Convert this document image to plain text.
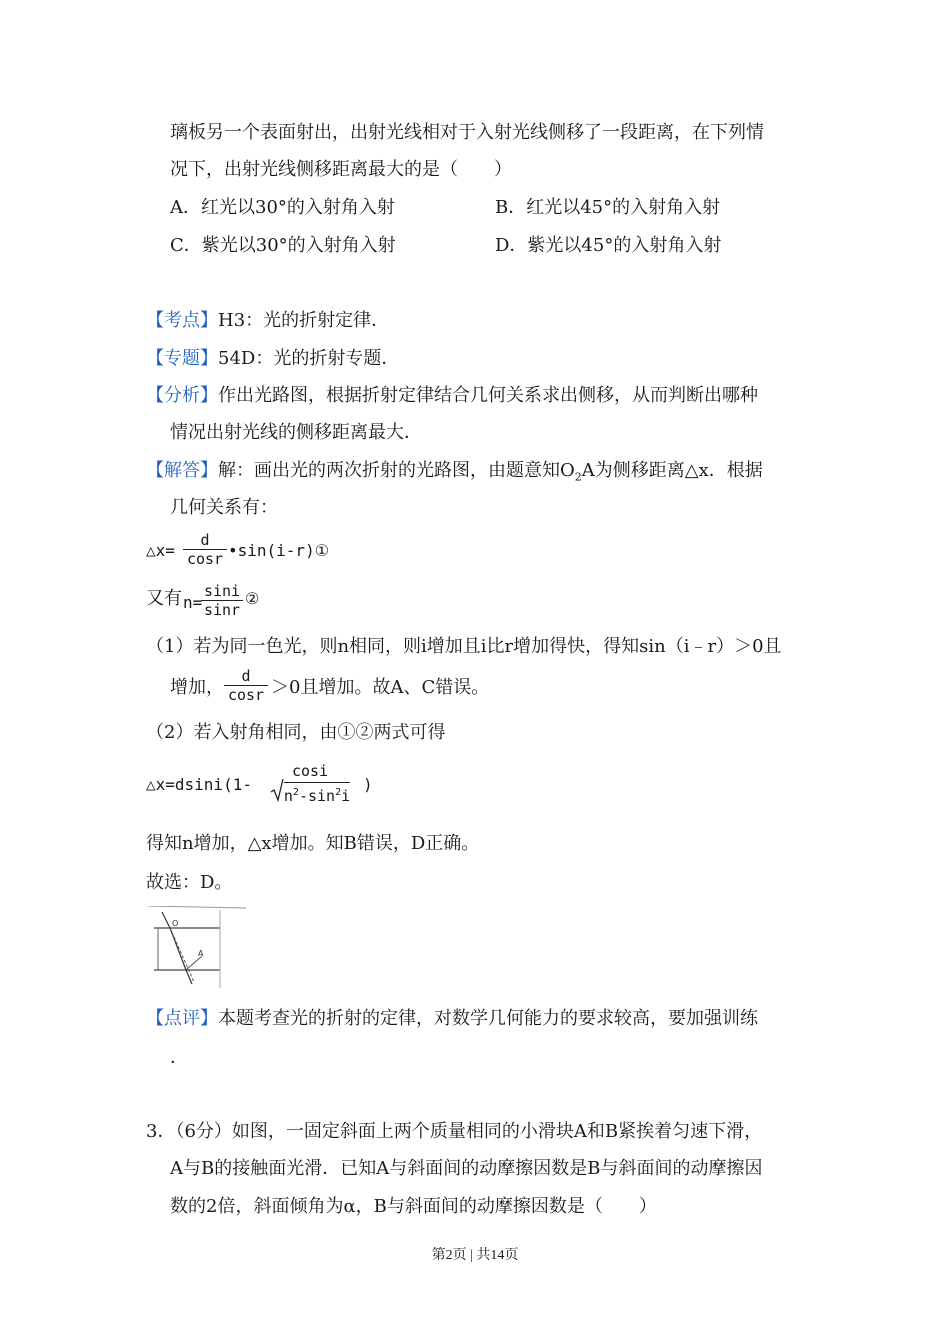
璃板另一个表面射出，出射光线相对于入射光线侧移了一段距离，在下列情
况下，出射光线侧移距离最大的是（　　）
A．红光以30°的入射角入射	B．红光以45°的入射角入射
C．紫光以30°的入射角入射	D．紫光以45°的入射角入射
【考点】H3：光的折射定律．
【专题】54D：光的折射专题．
【分析】作出光路图，根据折射定律结合几何关系求出侧移，从而判断出哪种
情况出射光线的侧移距离最大．
【解答】解：画出光的两次折射的光路图，由题意知$O_2A$为侧移距离△x．根据
几何关系有：
△x= $\frac{d}{\cos r}$ •sin(i-r)①
又有 n=
$\frac{\sin i}{\sin r}$ ②
（1）若为同一色光，则n相同，则i增加且i比r增加得快，得知sin（i﹣r）＞0且
增加， $\frac{d}{\cos r} >0$且增加。故A、C错误。
（2）若入射角相同，由①②两式可得
△x=dsini(1-
cosi
$n^2-\sin^2i$
)
得知n增加，△x增加。知B错误，D正确。
故选：D。
O
A
【点评】本题考查光的折射的定律，对数学几何能力的要求较高，要加强训练
．
3．（6分）如图，一固定斜面上两个质量相同的小滑块A和B紧挨着匀速下滑，
A与B的接触面光滑．已知A与斜面间的动摩擦因数是B与斜面间的动摩擦因
数的2倍，斜面倾角为α，B与斜面间的动摩擦因数是（　　）
第2页 | 共14页
